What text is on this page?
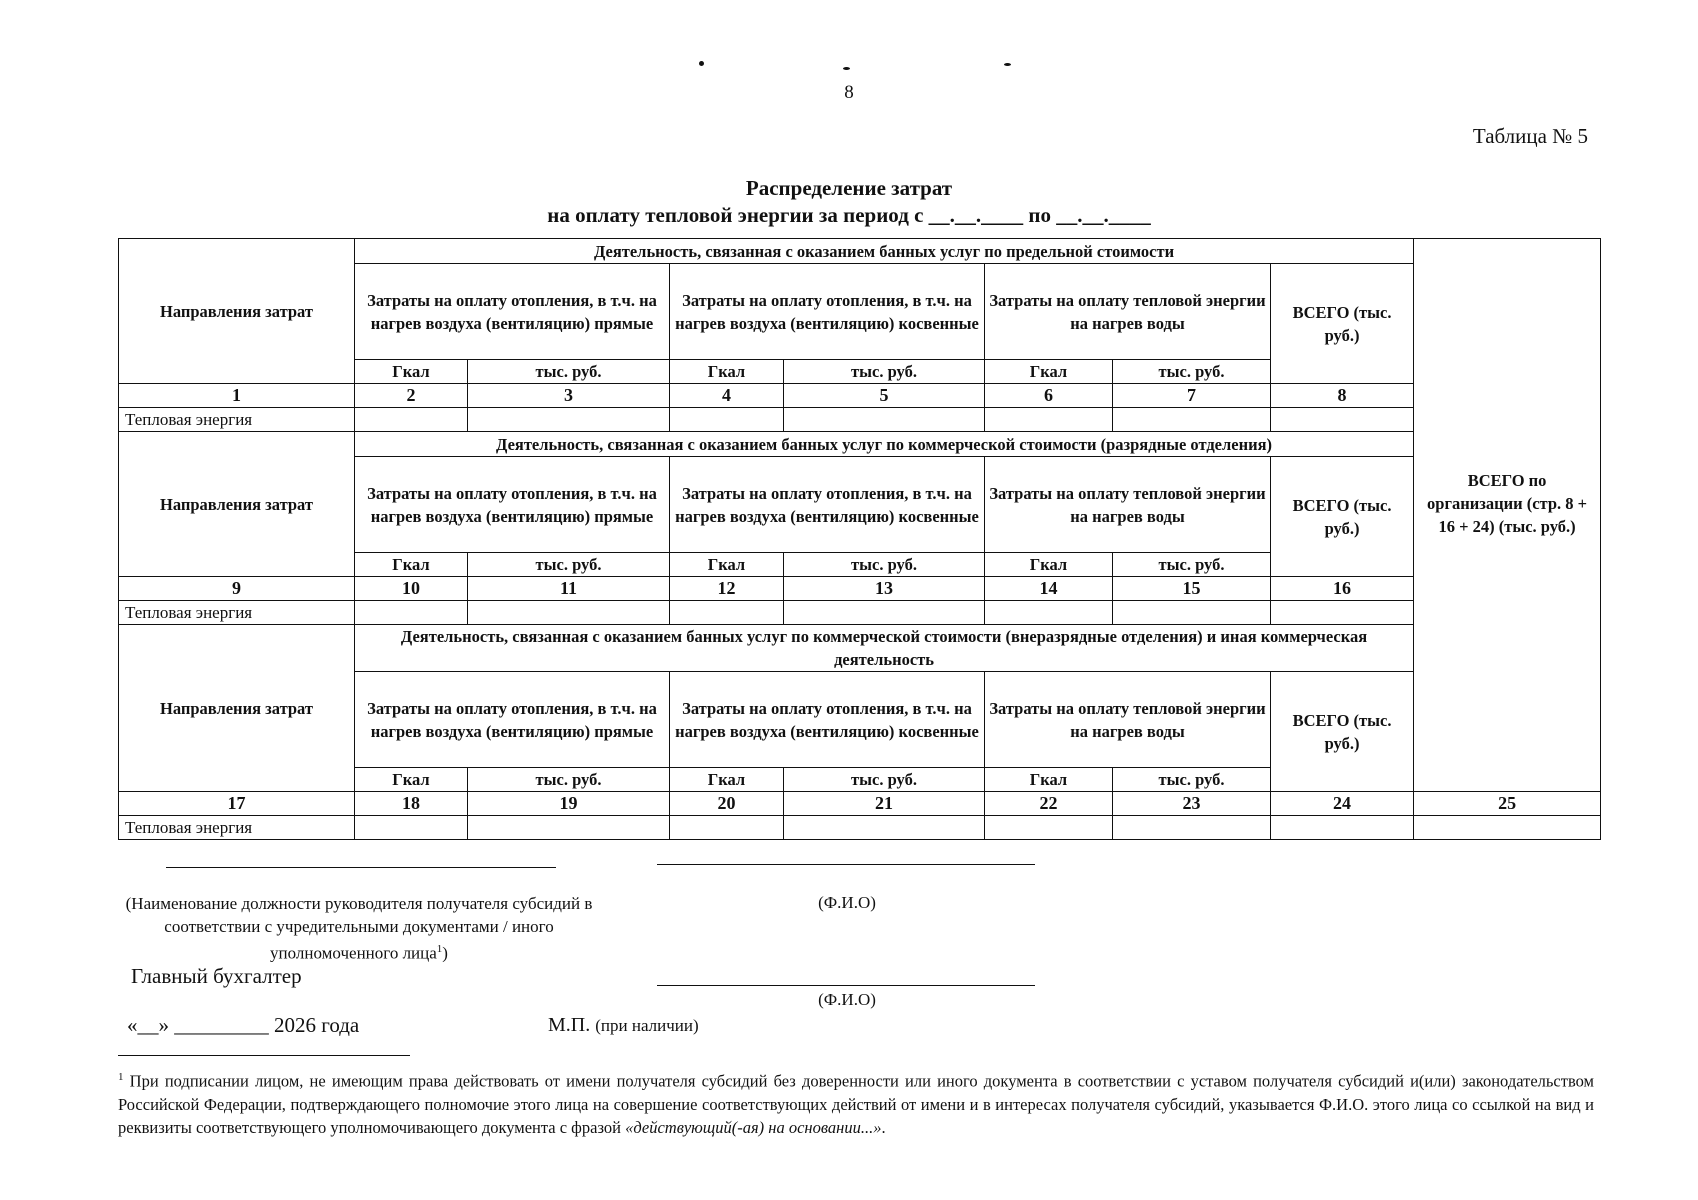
8
Таблица № 5
Распределение затрат
на оплату тепловой энергии за период с __.__.____ по __.__.____
Направления затрат	Деятельность, связанная с оказанием банных услуг по предельной стоимости							ВСЕГО по организации (стр. 8 + 16 + 24) (тыс. руб.)
	Затраты на оплату отопления, в т.ч. на нагрев воздуха (вентиляцию) прямые		Затраты на оплату отопления, в т.ч. на нагрев воздуха (вентиляцию) косвенные		Затраты на оплату тепловой энергии на нагрев воды		ВСЕГО (тыс. руб.)	
	Гкал	тыс. руб.	Гкал	тыс. руб.	Гкал	тыс. руб.		
1	2	3	4	5	6	7	8	
Тепловая энергия								
Направления затрат	Деятельность, связанная с оказанием банных услуг по коммерческой стоимости (разрядные отделения)							
	Затраты на оплату отопления, в т.ч. на нагрев воздуха (вентиляцию) прямые		Затраты на оплату отопления, в т.ч. на нагрев воздуха (вентиляцию) косвенные		Затраты на оплату тепловой энергии на нагрев воды		ВСЕГО (тыс. руб.)	
	Гкал	тыс. руб.	Гкал	тыс. руб.	Гкал	тыс. руб.		
9	10	11	12	13	14	15	16	
Тепловая энергия								
Направления затрат	Деятельность, связанная с оказанием банных услуг по коммерческой стоимости (внеразрядные отделения) и иная коммерческая деятельность							
	Затраты на оплату отопления, в т.ч. на нагрев воздуха (вентиляцию) прямые		Затраты на оплату отопления, в т.ч. на нагрев воздуха (вентиляцию) косвенные		Затраты на оплату тепловой энергии на нагрев воды		ВСЕГО (тыс. руб.)	
	Гкал	тыс. руб.	Гкал	тыс. руб.	Гкал	тыс. руб.		
17	18	19	20	21	22	23	24	25
Тепловая энергия								
(Наименование должности руководителя получателя субсидий в соответствии с учредительными документами / иного уполномоченного лица$^1$)
(Ф.И.О)
Главный бухгалтер
(Ф.И.О)
«__» _________ 2026 года	М.П. (при наличии)
$^1$ При подписании лицом, не имеющим права действовать от имени получателя субсидий без доверенности или иного документа в соответствии с уставом получателя субсидий и(или) законодательством Российской Федерации, подтверждающего полномочие этого лица на совершение соответствующих действий от имени и в интересах получателя субсидий, указывается Ф.И.О. этого лица со ссылкой на вид и реквизиты соответствующего уполномочивающего документа с фразой «действующий(-ая) на основании...».
